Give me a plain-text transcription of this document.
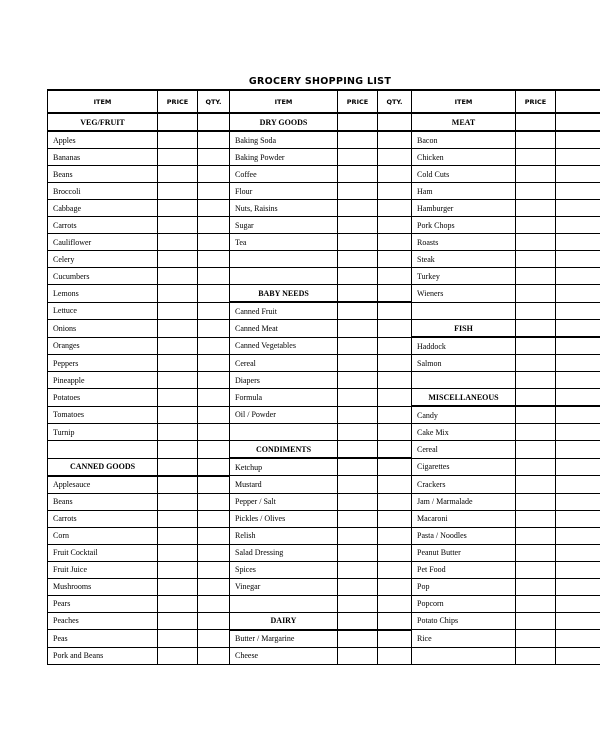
GROCERY SHOPPING LIST
ITEM	PRICE	QTY.	ITEM	PRICE	QTY.	ITEM	PRICE	
VEG/FRUIT			DRY GOODS			MEAT		
Apples			Baking Soda			Bacon		
Bananas			Baking Powder			Chicken		
Beans			Coffee			Cold Cuts		
Broccoli			Flour			Ham		
Cabbage			Nuts, Raisins			Hamburger		
Carrots			Sugar			Pork Chops		
Cauliflower			Tea			Roasts		
Celery						Steak		
Cucumbers						Turkey		
Lemons			BABY NEEDS			Wieners		
Lettuce			Canned Fruit					
Onions			Canned Meat			FISH		
Oranges			Canned Vegetables			Haddock		
Peppers			Cereal			Salmon		
Pineapple			Diapers					
Potatoes			Formula			MISCELLANEOUS		
Tomatoes			Oil / Powder			Candy		
Turnip						Cake Mix		
			CONDIMENTS			Cereal		
CANNED GOODS			Ketchup			Cigarettes		
Applesauce			Mustard			Crackers		
Beans			Pepper / Salt			Jam / Marmalade		
Carrots			Pickles / Olives			Macaroni		
Corn			Relish			Pasta / Noodles		
Fruit Cocktail			Salad Dressing			Peanut Butter		
Fruit Juice			Spices			Pet Food		
Mushrooms			Vinegar			Pop		
Pears						Popcorn		
Peaches			DAIRY			Potato Chips		
Peas			Butter / Margarine			Rice		
Pork and Beans			Cheese					
